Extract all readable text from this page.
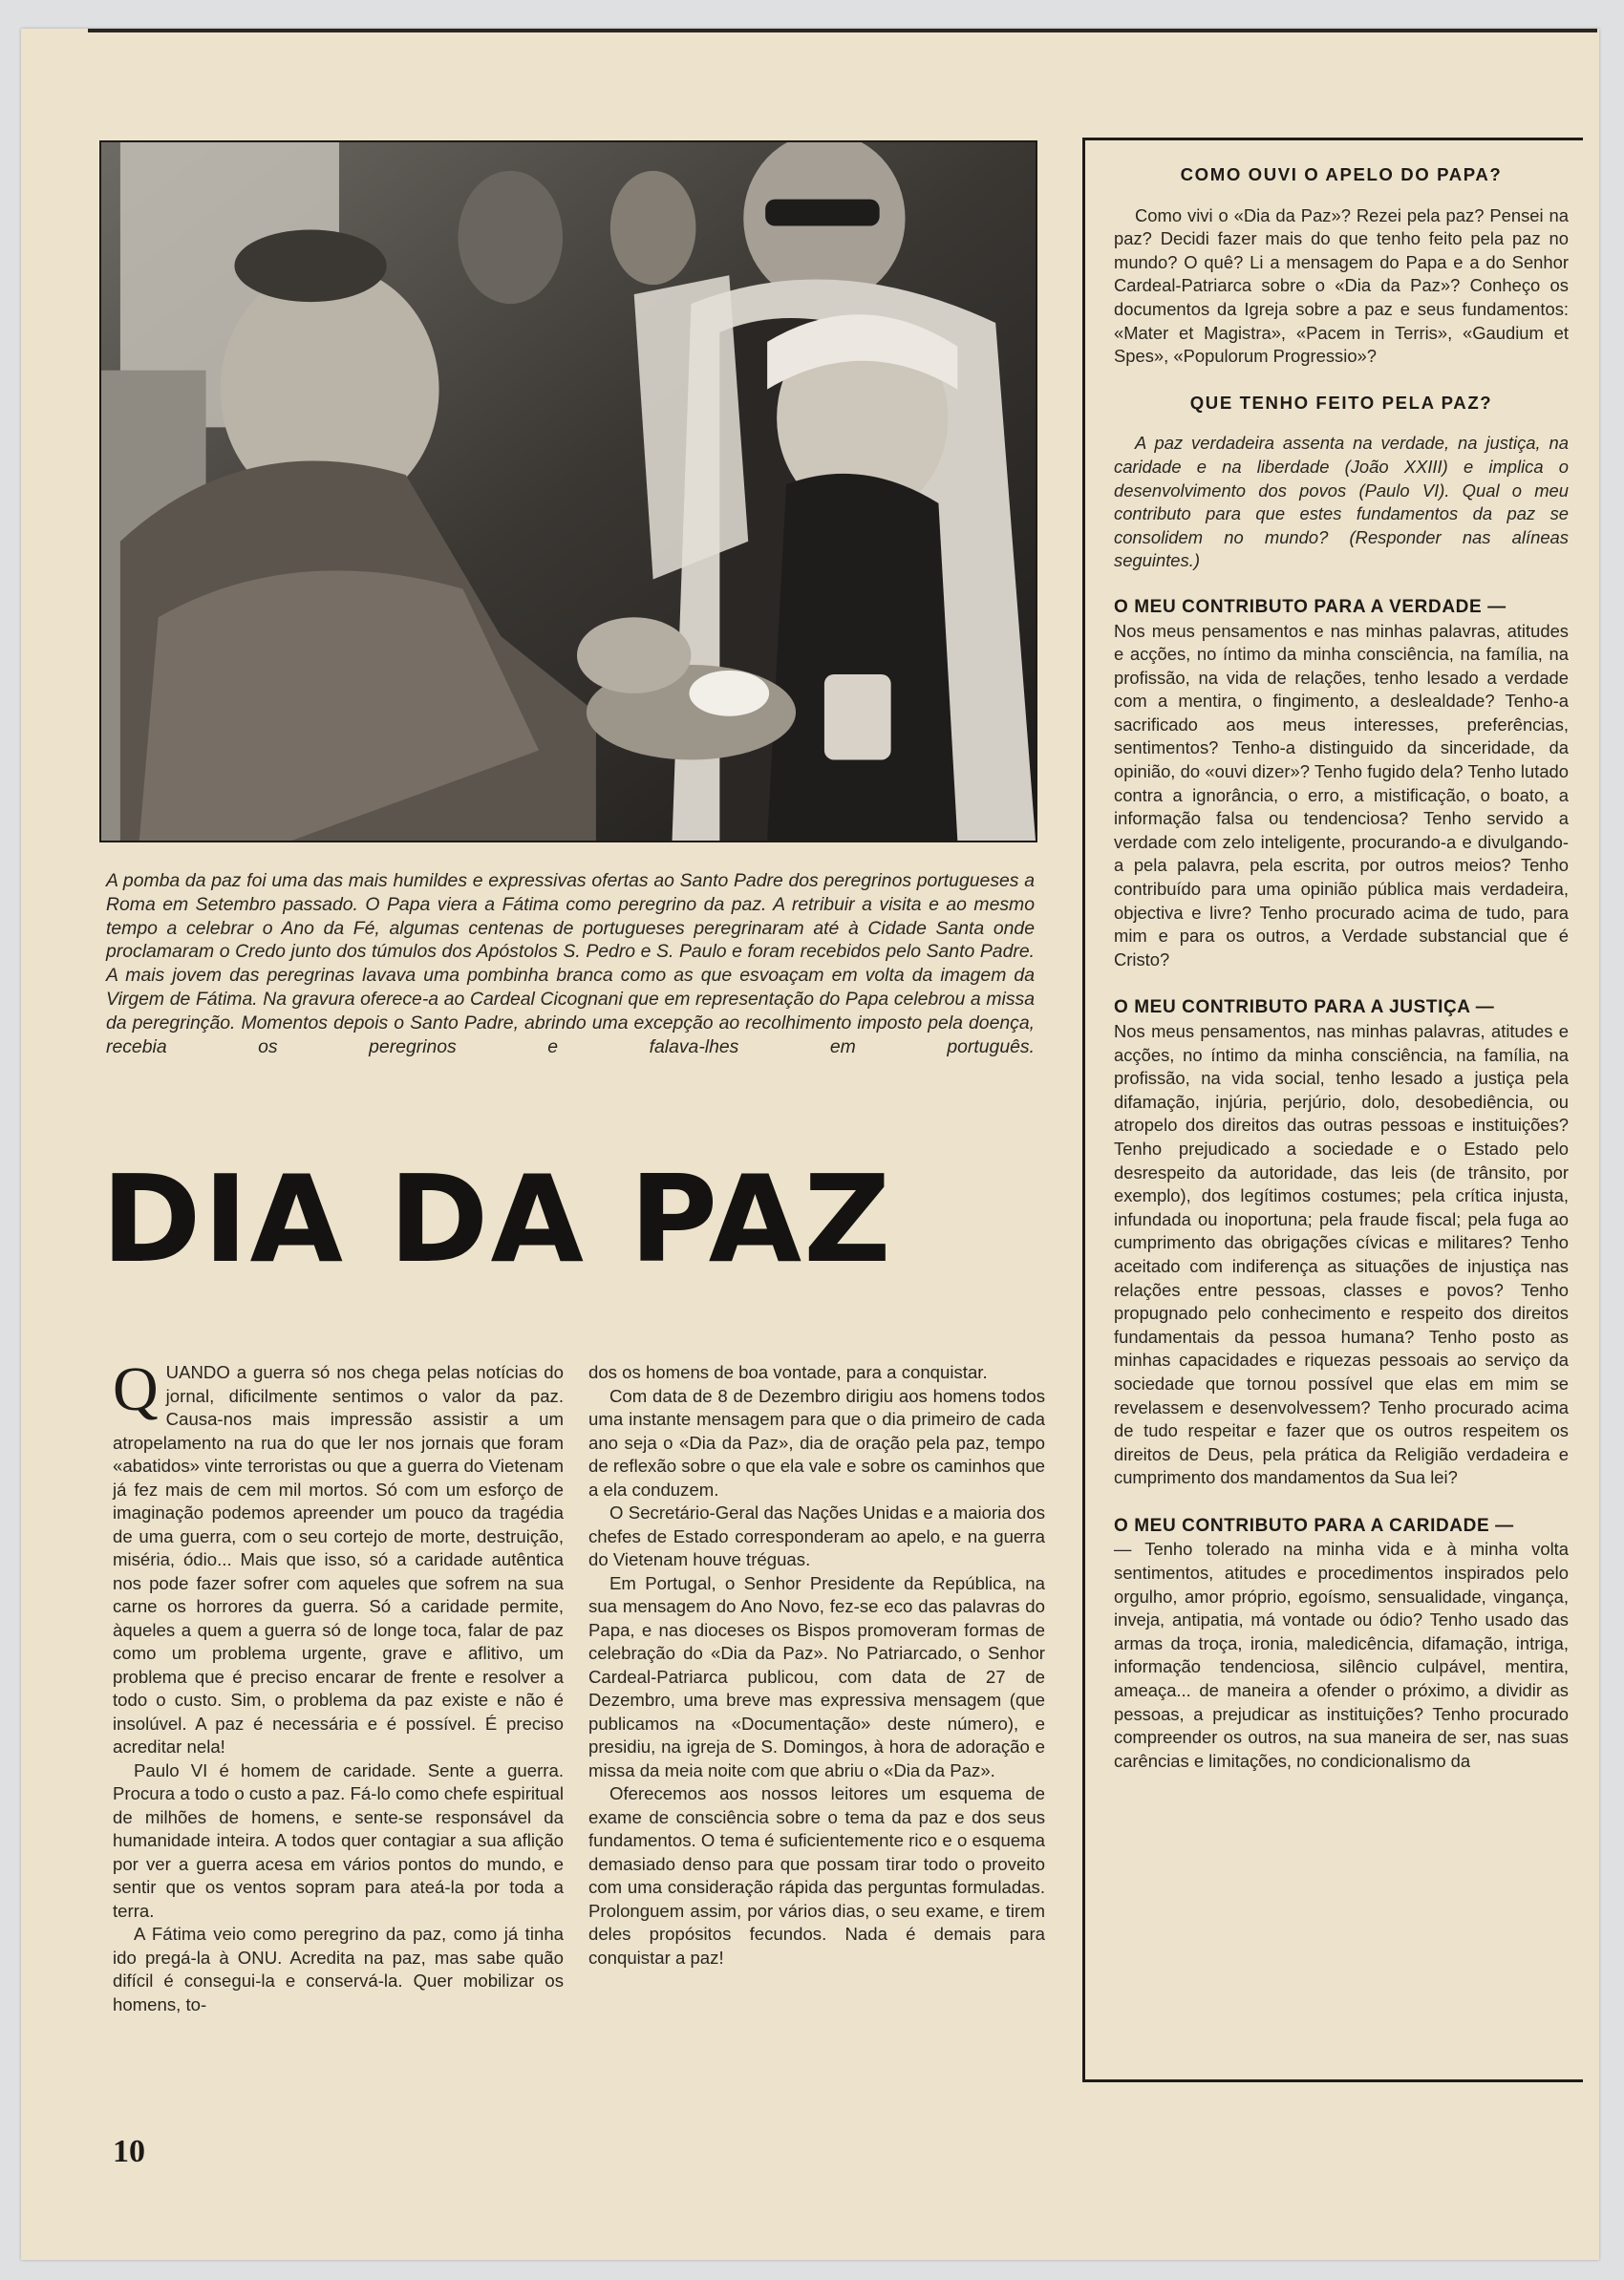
A pomba da paz foi uma das mais humildes e expressivas ofertas ao Santo Padre dos peregrinos portugueses a Roma em Setembro passado. O Papa viera a Fátima como peregrino da paz. A retribuir a visita e ao mesmo tempo a celebrar o Ano da Fé, algumas centenas de portugueses peregrinaram até à Cidade Santa onde proclamaram o Credo junto dos túmulos dos Apóstolos S. Pedro e S. Paulo e foram recebidos pelo Santo Padre. A mais jovem das peregrinas lavava uma pombinha branca como as que esvoaçam em volta da imagem da Virgem de Fátima. Na gravura oferece-a ao Cardeal Cicognani que em representação do Papa celebrou a missa da peregrinção. Momentos depois o Santo Padre, abrindo uma excepção ao recolhimento imposto pela doença, recebia os peregrinos e falava-lhes em português.

DIA DA PAZ

QUANDO a guerra só nos chega pelas notícias do jornal, dificilmente sentimos o valor da paz. Causa-nos mais impressão assistir a um atropelamento na rua do que ler nos jornais que foram «abatidos» vinte terroristas ou que a guerra do Vietenam já fez mais de cem mil mortos. Só com um esforço de imaginação podemos apreender um pouco da tragédia de uma guerra, com o seu cortejo de morte, destruição, miséria, ódio... Mais que isso, só a caridade autêntica nos pode fazer sofrer com aqueles que sofrem na sua carne os horrores da guerra. Só a caridade permite, àqueles a quem a guerra só de longe toca, falar de paz como um problema urgente, grave e aflitivo, um problema que é preciso encarar de frente e resolver a todo o custo. Sim, o problema da paz existe e não é insolúvel. A paz é necessária e é possível. É preciso acreditar nela!

Paulo VI é homem de caridade. Sente a guerra. Procura a todo o custo a paz. Fá-lo como chefe espiritual de milhões de homens, e sente-se responsável da humanidade inteira. A todos quer contagiar a sua aflição por ver a guerra acesa em vários pontos do mundo, e sentir que os ventos sopram para ateá-la por toda a terra.

A Fátima veio como peregrino da paz, como já tinha ido pregá-la à ONU. Acredita na paz, mas sabe quão difícil é consegui-la e conservá-la. Quer mobilizar os homens, to-

dos os homens de boa vontade, para a conquistar.

Com data de 8 de Dezembro dirigiu aos homens todos uma instante mensagem para que o dia primeiro de cada ano seja o «Dia da Paz», dia de oração pela paz, tempo de reflexão sobre o que ela vale e sobre os caminhos que a ela conduzem.

O Secretário-Geral das Nações Unidas e a maioria dos chefes de Estado corresponderam ao apelo, e na guerra do Vietenam houve tréguas.

Em Portugal, o Senhor Presidente da República, na sua mensagem do Ano Novo, fez-se eco das palavras do Papa, e nas dioceses os Bispos promoveram formas de celebração do «Dia da Paz». No Patriarcado, o Senhor Cardeal-Patriarca publicou, com data de 27 de Dezembro, uma breve mas expressiva mensagem (que publicamos na «Documentação» deste número), e presidiu, na igreja de S. Domingos, à hora de adoração e missa da meia noite com que abriu o «Dia da Paz».

Oferecemos aos nossos leitores um esquema de exame de consciência sobre o tema da paz e dos seus fundamentos. O tema é suficientemente rico e o esquema demasiado denso para que possam tirar todo o proveito com uma consideração rápida das perguntas formuladas. Prolonguem assim, por vários dias, o seu exame, e tirem deles propósitos fecundos. Nada é demais para conquistar a paz!

COMO OUVI O APELO DO PAPA?

Como vivi o «Dia da Paz»? Rezei pela paz? Pensei na paz? Decidi fazer mais do que tenho feito pela paz no mundo? O quê? Li a mensagem do Papa e a do Senhor Cardeal-Patriarca sobre o «Dia da Paz»? Conheço os documentos da Igreja sobre a paz e seus fundamentos: «Mater et Magistra», «Pacem in Terris», «Gaudium et Spes», «Populorum Progressio»?

QUE TENHO FEITO PELA PAZ?

A paz verdadeira assenta na verdade, na justiça, na caridade e na liberdade (João XXIII) e implica o desenvolvimento dos povos (Paulo VI). Qual o meu contributo para que estes fundamentos da paz se consolidem no mundo? (Responder nas alíneas seguintes.)

O MEU CONTRIBUTO PARA A VERDADE —

Nos meus pensamentos e nas minhas palavras, atitudes e acções, no íntimo da minha consciência, na família, na profissão, na vida de relações, tenho lesado a verdade com a mentira, o fingimento, a deslealdade? Tenho-a sacrificado aos meus interesses, preferências, sentimentos? Tenho-a distinguido da sinceridade, da opinião, do «ouvi dizer»? Tenho fugido dela? Tenho lutado contra a ignorância, o erro, a mistificação, o boato, a informação falsa ou tendenciosa? Tenho servido a verdade com zelo inteligente, procurando-a e divulgando-a pela palavra, pela escrita, por outros meios? Tenho contribuído para uma opinião pública mais verdadeira, objectiva e livre? Tenho procurado acima de tudo, para mim e para os outros, a Verdade substancial que é Cristo?

O MEU CONTRIBUTO PARA A JUSTIÇA —

Nos meus pensamentos, nas minhas palavras, atitudes e acções, no íntimo da minha consciência, na família, na profissão, na vida social, tenho lesado a justiça pela difamação, injúria, perjúrio, dolo, desobediência, ou atropelo dos direitos das outras pessoas e instituições? Tenho prejudicado a sociedade e o Estado pelo desrespeito da autoridade, das leis (de trânsito, por exemplo), dos legítimos costumes; pela crítica injusta, infundada ou inoportuna; pela fraude fiscal; pela fuga ao cumprimento das obrigações cívicas e militares? Tenho aceitado com indiferença as situações de injustiça nas relações entre pessoas, classes e povos? Tenho propugnado pelo conhecimento e respeito dos direitos fundamentais da pessoa humana? Tenho posto as minhas capacidades e riquezas pessoais ao serviço da sociedade que tornou possível que elas em mim se revelassem e desenvolvessem? Tenho procurado acima de tudo respeitar e fazer que os outros respeitem os direitos de Deus, pela prática da Religião verdadeira e cumprimento dos mandamentos da Sua lei?

O MEU CONTRIBUTO PARA A CARIDADE —

— Tenho tolerado na minha vida e à minha volta sentimentos, atitudes e procedimentos inspirados pelo orgulho, amor próprio, egoísmo, sensualidade, vingança, inveja, antipatia, má vontade ou ódio? Tenho usado das armas da troça, ironia, maledicência, difamação, intriga, informação tendenciosa, silêncio culpável, mentira, ameaça... de maneira a ofender o próximo, a dividir as pessoas, a prejudicar as instituições? Tenho procurado compreender os outros, na sua maneira de ser, nas suas carências e limitações, no condicionalismo da

10
